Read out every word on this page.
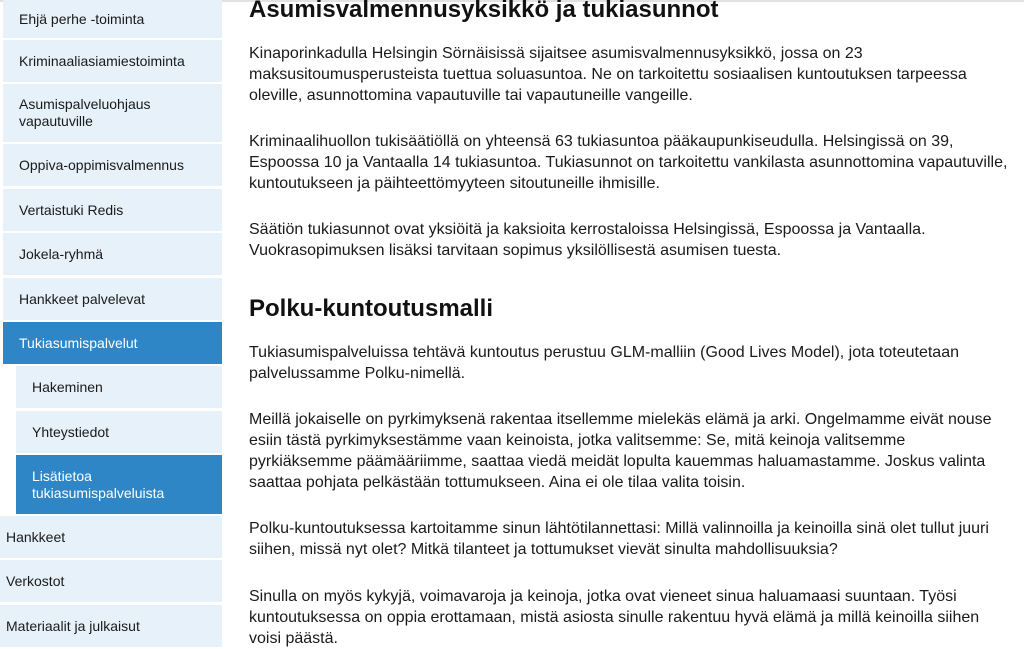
Ehjä perhe -toiminta
Kriminaaliasiamiestoiminta
Asumispalveluohjaus vapautuville
Oppiva-oppimisvalmennus
Vertaistuki Redis
Jokela-ryhmä
Hankkeet palvelevat
Tukiasumispalvelut
Hakeminen
Yhteystiedot
Lisätietoa tukiasumispalveluista
Hankkeet
Verkostot
Materiaalit ja julkaisut
Asumisvalmennusyksikkö ja tukiasunnot

Kinaporinkadulla Helsingin Sörnäisissä sijaitsee asumisvalmennusyksikkö, jossa on 23 maksusitoumusperusteista tuettua soluasuntoa. Ne on tarkoitettu sosiaalisen kuntoutuksen tarpeessa oleville, asunnottomina vapautuville tai vapautuneille vangeille.

Kriminaalihuollon tukisäätiöllä on yhteensä 63 tukiasuntoa pääkaupunkiseudulla. Helsingissä on 39, Espoossa 10 ja Vantaalla 14 tukiasuntoa. Tukiasunnot on tarkoitettu vankilasta asunnottomina vapautuville, kuntoutukseen ja päihteettömyyteen sitoutuneille ihmisille.

Säätiön tukiasunnot ovat yksiöitä ja kaksioita kerrostaloissa Helsingissä, Espoossa ja Vantaalla. Vuokrasopimuksen lisäksi tarvitaan sopimus yksilöllisestä asumisen tuesta.

Polku-kuntoutusmalli

Tukiasumispalveluissa tehtävä kuntoutus perustuu GLM-malliin (Good Lives Model), jota toteutetaan palvelussamme Polku-nimellä.

Meillä jokaiselle on pyrkimyksenä rakentaa itsellemme mielekäs elämä ja arki. Ongelmamme eivät nouse esiin tästä pyrkimyksestämme vaan keinoista, jotka valitsemme: Se, mitä keinoja valitsemme pyrkiäksemme päämääriimme, saattaa viedä meidät lopulta kauemmas haluamastamme. Joskus valinta saattaa pohjata pelkästään tottumukseen. Aina ei ole tilaa valita toisin.

Polku-kuntoutuksessa kartoitamme sinun lähtötilannettasi: Millä valinnoilla ja keinoilla sinä olet tullut juuri siihen, missä nyt olet? Mitkä tilanteet ja tottumukset vievät sinulta mahdollisuuksia?

Sinulla on myös kykyjä, voimavaroja ja keinoja, jotka ovat vieneet sinua haluamaasi suuntaan. Työsi kuntoutuksessa on oppia erottamaan, mistä asiosta sinulle rakentuu hyvä elämä ja millä keinoilla siihen voisi päästä.
